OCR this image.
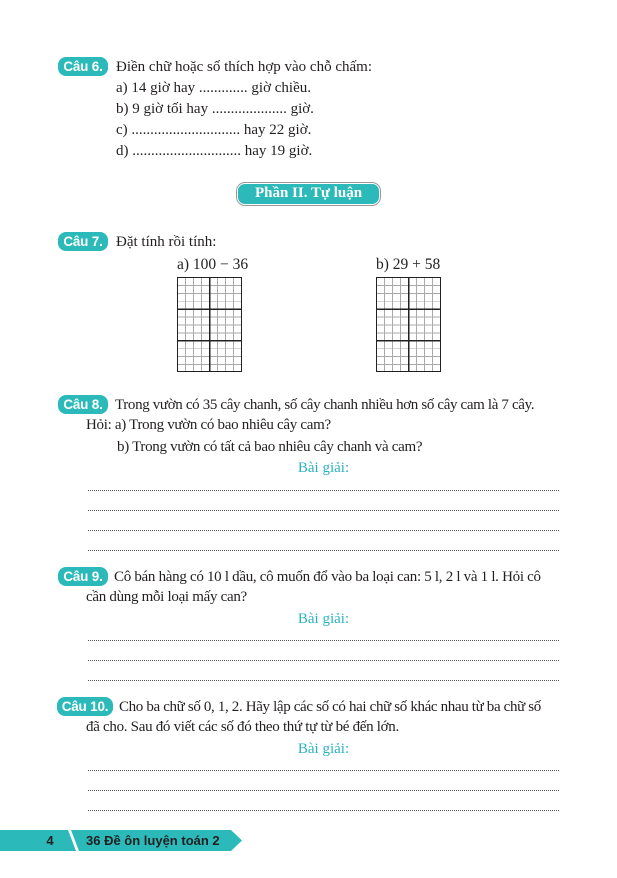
Câu 6. Điền chữ hoặc số thích hợp vào chỗ chấm:
a) 14 giờ hay ............. giờ chiều.
b) 9 giờ tối hay .................... giờ.
c) ............................. hay 22 giờ.
d) ............................. hay 19 giờ.
Phần II. Tự luận
Câu 7. Đặt tính rồi tính:
a) 100 − 36	b) 29 + 58
Câu 8. Trong vườn có 35 cây chanh, số cây chanh nhiều hơn số cây cam là 7 cây.
Hỏi: a) Trong vườn có bao nhiêu cây cam?
b) Trong vườn có tất cả bao nhiêu cây chanh và cam?
Bài giải:
Câu 9. Cô bán hàng có 10 l dầu, cô muốn đổ vào ba loại can: 5 l, 2 l và 1 l. Hỏi cô
cần dùng mỗi loại mấy can?
Bài giải:
Câu 10. Cho ba chữ số 0, 1, 2. Hãy lập các số có hai chữ số khác nhau từ ba chữ số
đã cho. Sau đó viết các số đó theo thứ tự từ bé đến lớn.
Bài giải:
4	36 Đề ôn luyện toán 2
